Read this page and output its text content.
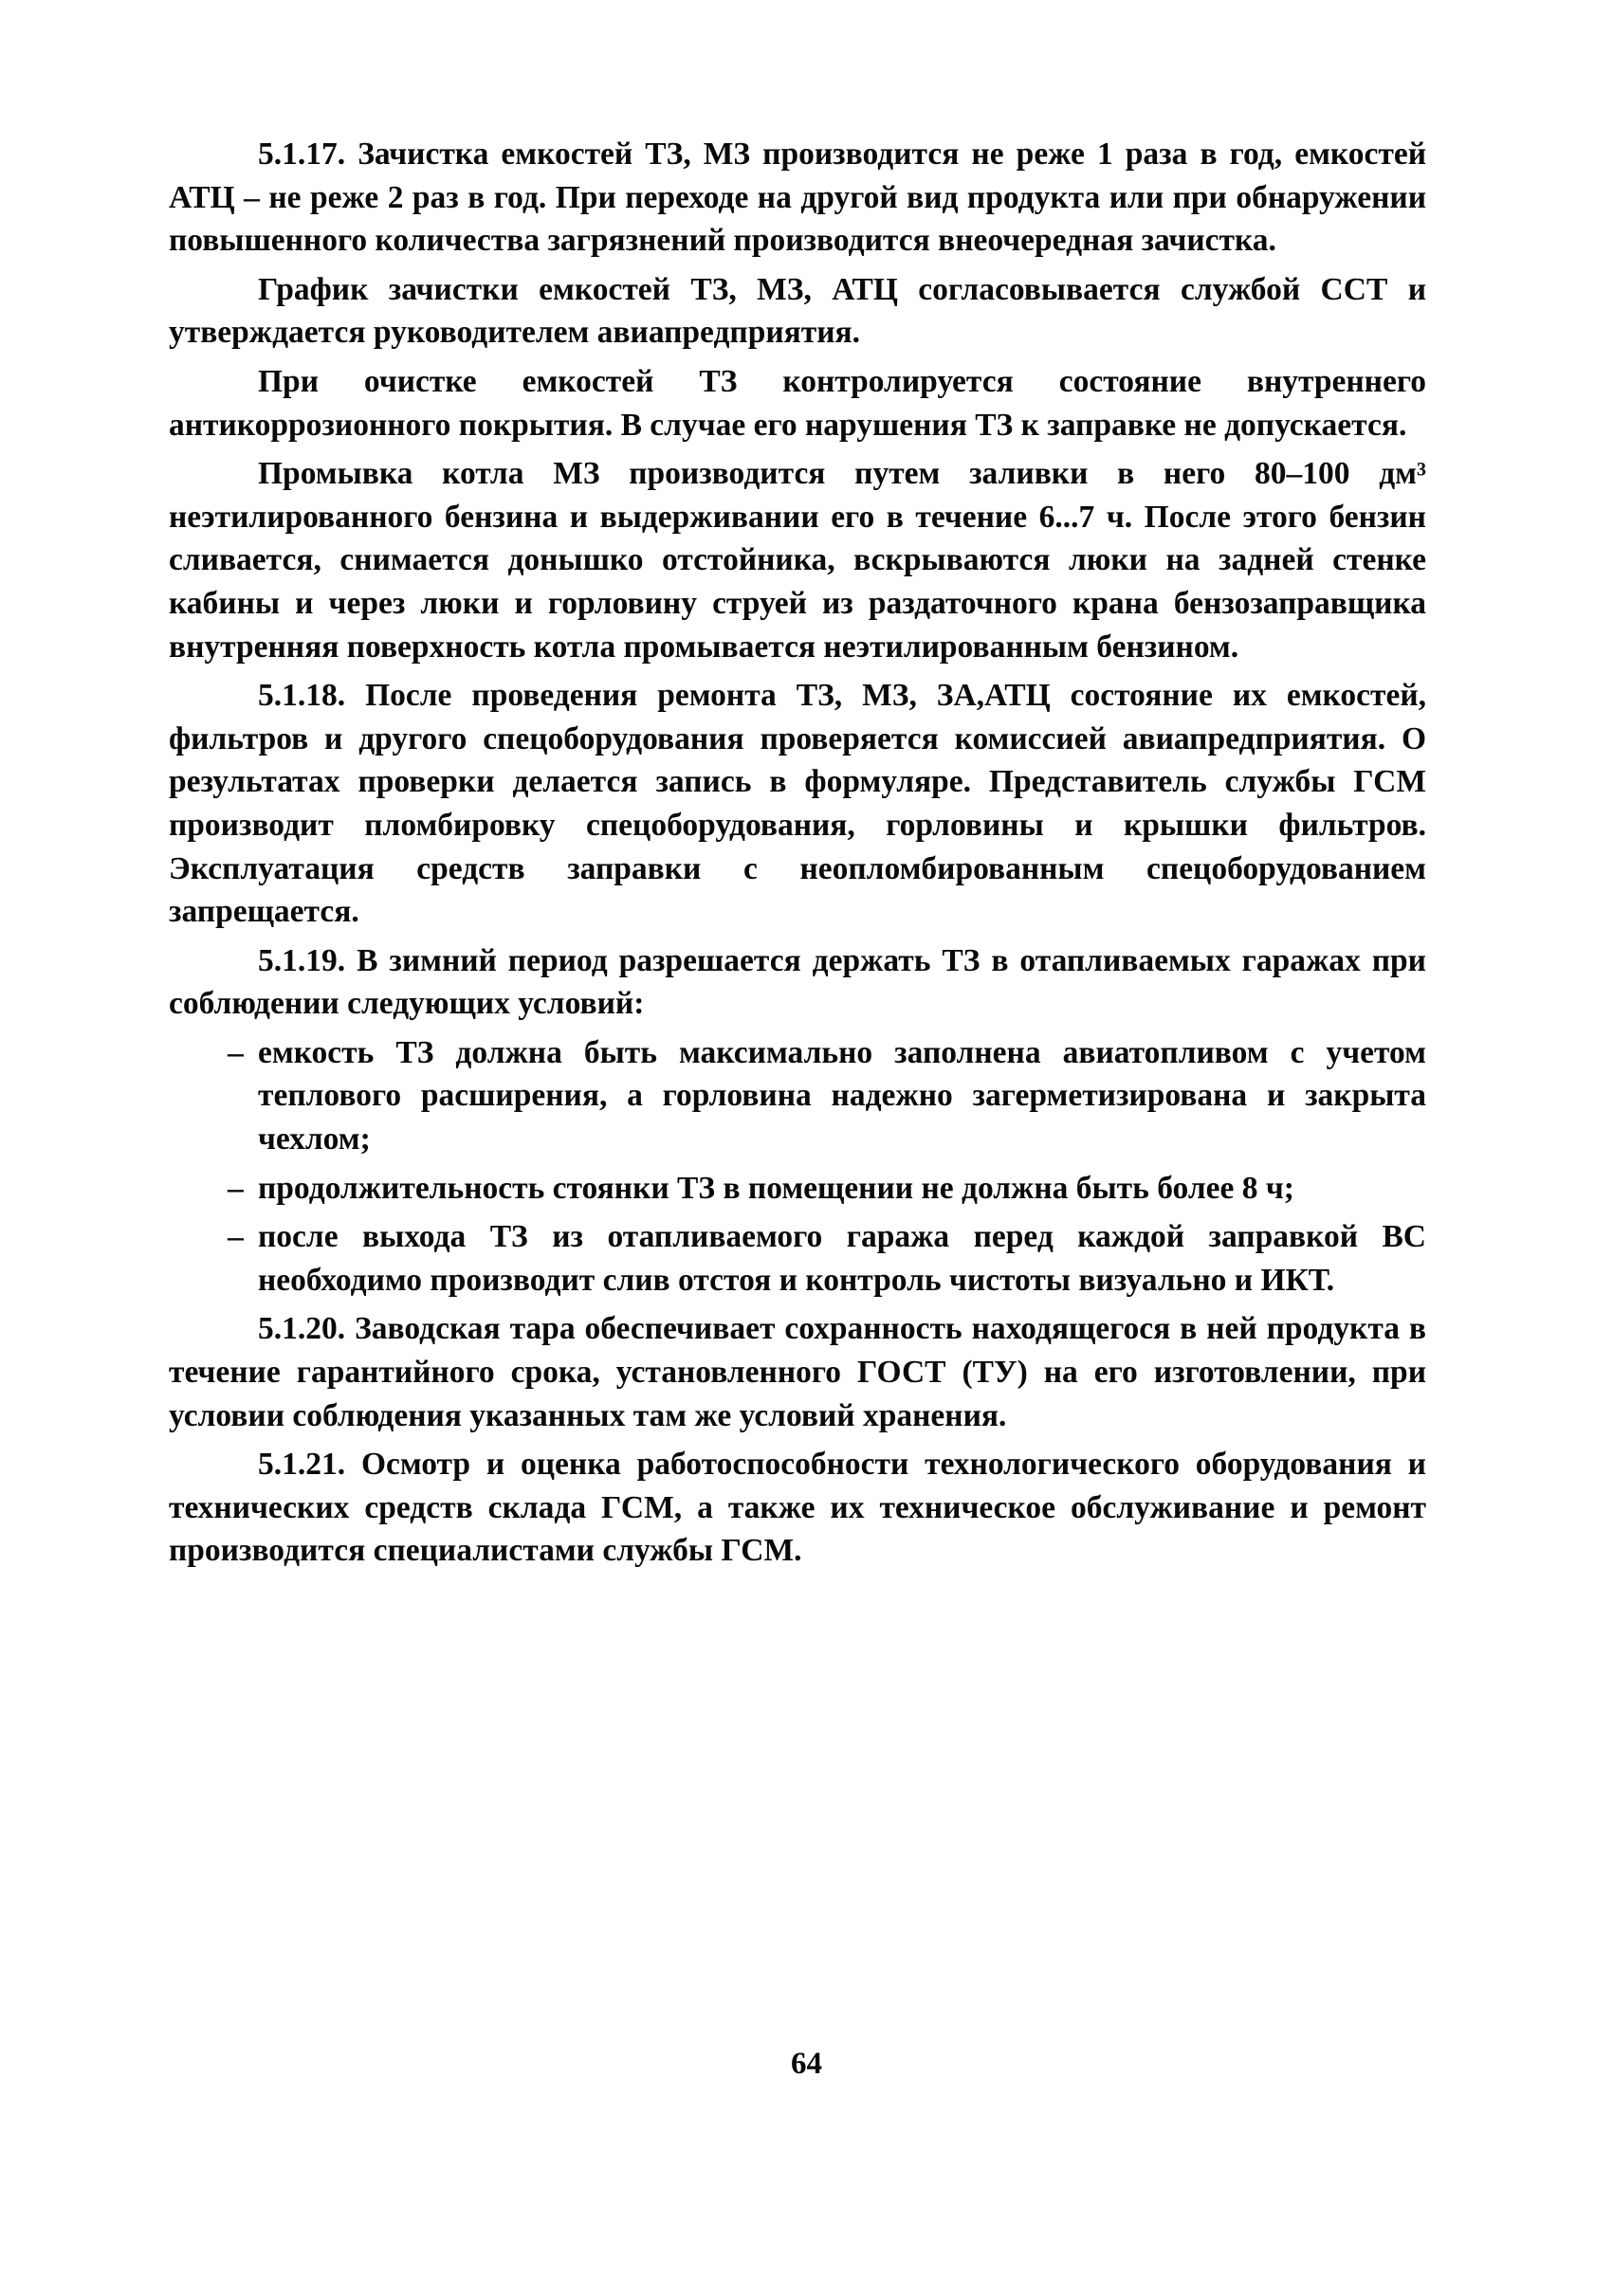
5.1.17. Зачистка емкостей ТЗ, МЗ производится не реже 1 раза в год, емкостей АТЦ – не реже 2 раз в год. При переходе на другой вид продукта или при обнаружении повышенного количества загрязнений производится внеочередная зачистка.

График зачистки емкостей ТЗ, МЗ, АТЦ согласовывается службой ССТ и утверждается руководителем авиапредприятия.

При очистке емкостей ТЗ контролируется состояние внутреннего антикоррозионного покрытия. В случае его нарушения ТЗ к заправке не допускается.

Промывка котла МЗ производится путем заливки в него 80–100 дм³ неэтилированного бензина и выдерживании его в течение 6...7 ч. После этого бензин сливается, снимается донышко отстойника, вскрываются люки на задней стенке кабины и через люки и горловину струей из раздаточного крана бензозаправщика внутренняя поверхность котла промывается неэтилированным бензином.

5.1.18. После проведения ремонта ТЗ, МЗ, ЗА,АТЦ состояние их емкостей, фильтров и другого спецоборудования проверяется комиссией авиапредприятия. О результатах проверки делается запись в формуляре. Представитель службы ГСМ производит пломбировку спецоборудования, горловины и крышки фильтров. Эксплуатация средств заправки с неопломбированным спецоборудованием запрещается.

5.1.19. В зимний период разрешается держать ТЗ в отапливаемых гаражах при соблюдении следующих условий:

– емкость ТЗ должна быть максимально заполнена авиатопливом с учетом теплового расширения, а горловина надежно загерметизирована и закрыта чехлом;
– продолжительность стоянки ТЗ в помещении не должна быть более 8 ч;
– после выхода ТЗ из отапливаемого гаража перед каждой заправкой ВС необходимо производит слив отстоя и контроль чистоты визуально и ИКТ.

5.1.20. Заводская тара обеспечивает сохранность находящегося в ней продукта в течение гарантийного срока, установленного ГОСТ (ТУ) на его изготовлении, при условии соблюдения указанных там же условий хранения.

5.1.21. Осмотр и оценка работоспособности технологического оборудования и технических средств склада ГСМ, а также их техническое обслуживание и ремонт производится специалистами службы ГСМ.

64
